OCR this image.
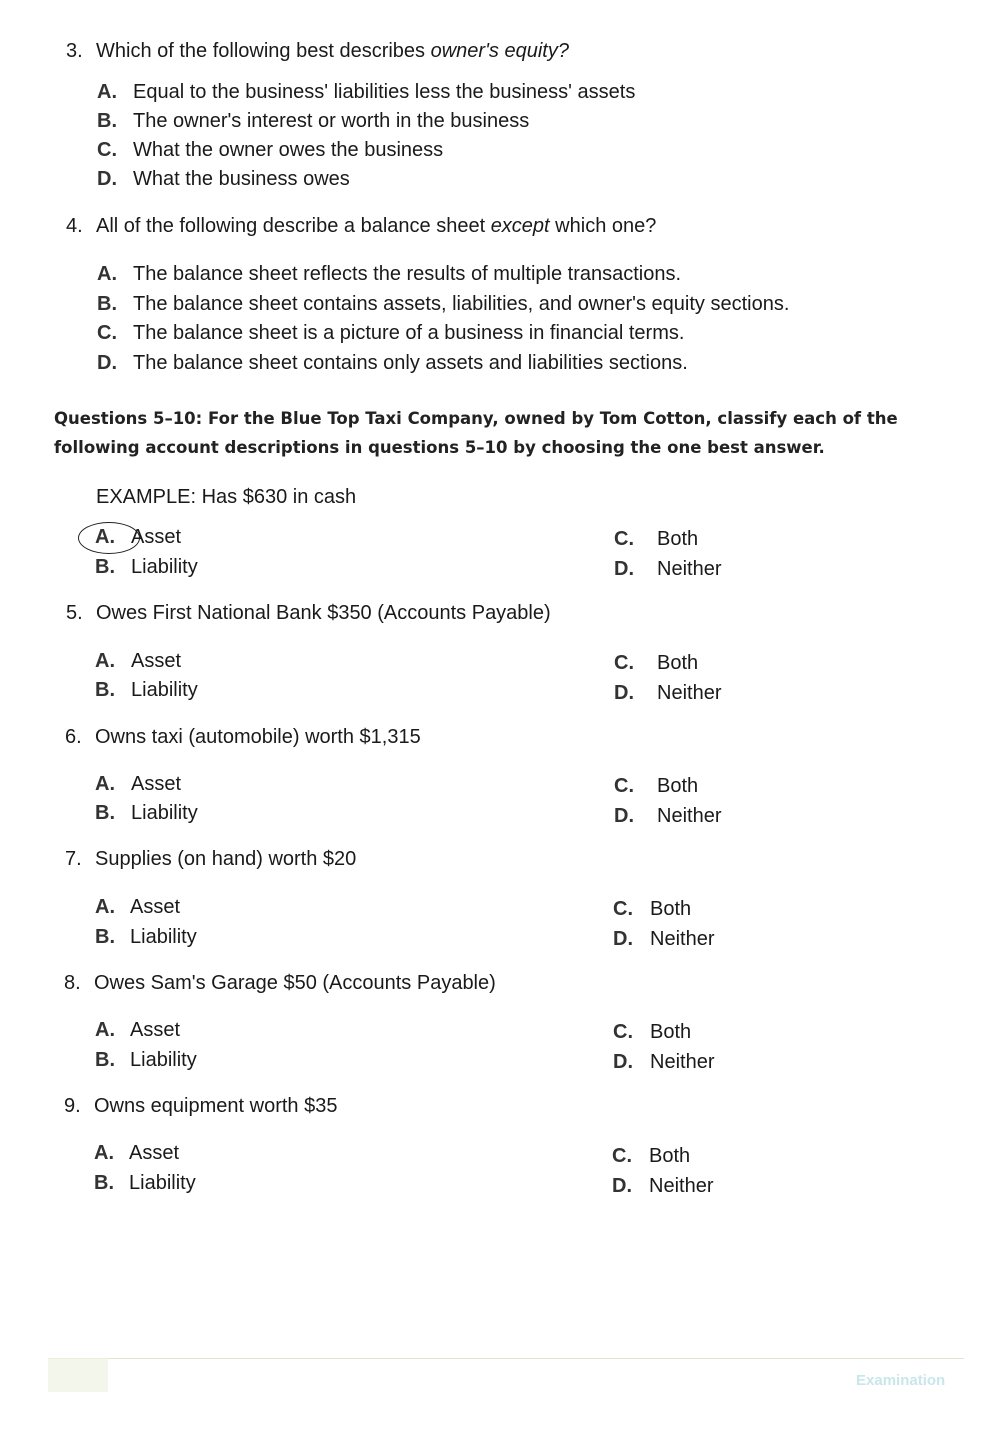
3. Which of the following best describes owner's equity?
A. Equal to the business' liabilities less the business' assets
B. The owner's interest or worth in the business
C. What the owner owes the business
D. What the business owes
4. All of the following describe a balance sheet except which one?
A. The balance sheet reflects the results of multiple transactions.
B. The balance sheet contains assets, liabilities, and owner's equity sections.
C. The balance sheet is a picture of a business in financial terms.
D. The balance sheet contains only assets and liabilities sections.
Questions 5–10: For the Blue Top Taxi Company, owned by Tom Cotton, classify each of the
following account descriptions in questions 5–10 by choosing the one best answer.
EXAMPLE: Has $630 in cash
A. Asset
B. Liability
C. Both
D. Neither
5. Owes First National Bank $350 (Accounts Payable)
A. Asset
B. Liability
C. Both
D. Neither
6. Owns taxi (automobile) worth $1,315
A. Asset
B. Liability
C. Both
D. Neither
7. Supplies (on hand) worth $20
A. Asset
B. Liability
C. Both
D. Neither
8. Owes Sam's Garage $50 (Accounts Payable)
A. Asset
B. Liability
C. Both
D. Neither
9. Owns equipment worth $35
A. Asset
B. Liability
C. Both
D. Neither
Examination
